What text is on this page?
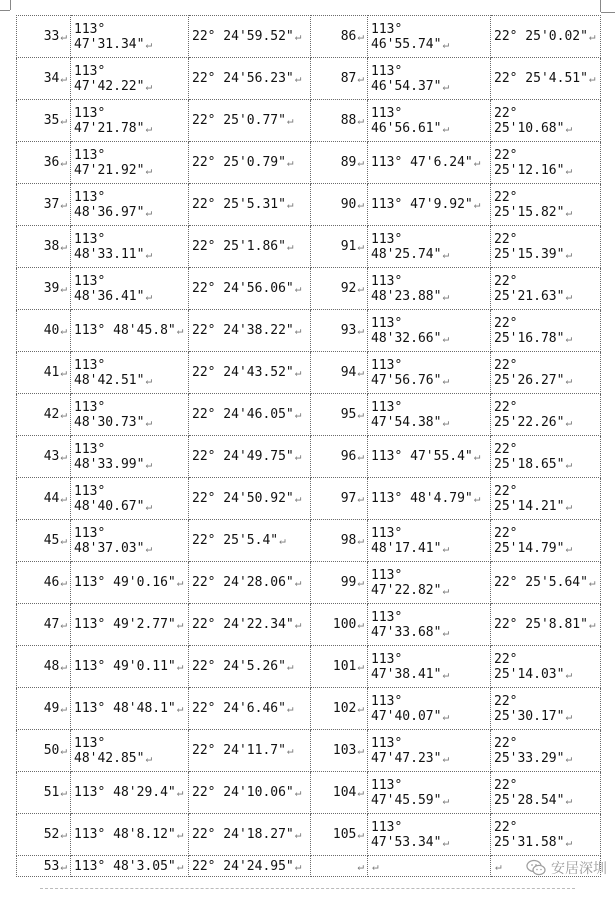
33↵	113° 47'31.34"↵	22° 24'59.52"↵	86↵	113° 46'55.74"↵	22° 25'0.02"↵
34↵	113° 47'42.22"↵	22° 24'56.23"↵	87↵	113° 46'54.37"↵	22° 25'4.51"↵
35↵	113° 47'21.78"↵	22° 25'0.77"↵	88↵	113° 46'56.61"↵	22° 25'10.68"↵
36↵	113° 47'21.92"↵	22° 25'0.79"↵	89↵	113° 47'6.24"↵	22° 25'12.16"↵
37↵	113° 48'36.97"↵	22° 25'5.31"↵	90↵	113° 47'9.92"↵	22° 25'15.82"↵
38↵	113° 48'33.11"↵	22° 25'1.86"↵	91↵	113° 48'25.74"↵	22° 25'15.39"↵
39↵	113° 48'36.41"↵	22° 24'56.06"↵	92↵	113° 48'23.88"↵	22° 25'21.63"↵
40↵	113° 48'45.8"↵	22° 24'38.22"↵	93↵	113° 48'32.66"↵	22° 25'16.78"↵
41↵	113° 48'42.51"↵	22° 24'43.52"↵	94↵	113° 47'56.76"↵	22° 25'26.27"↵
42↵	113° 48'30.73"↵	22° 24'46.05"↵	95↵	113° 47'54.38"↵	22° 25'22.26"↵
43↵	113° 48'33.99"↵	22° 24'49.75"↵	96↵	113° 47'55.4"↵	22° 25'18.65"↵
44↵	113° 48'40.67"↵	22° 24'50.92"↵	97↵	113° 48'4.79"↵	22° 25'14.21"↵
45↵	113° 48'37.03"↵	22° 25'5.4"↵	98↵	113° 48'17.41"↵	22° 25'14.79"↵
46↵	113° 49'0.16"↵	22° 24'28.06"↵	99↵	113° 47'22.82"↵	22° 25'5.64"↵
47↵	113° 49'2.77"↵	22° 24'22.34"↵	100↵	113° 47'33.68"↵	22° 25'8.81"↵
48↵	113° 49'0.11"↵	22° 24'5.26"↵	101↵	113° 47'38.41"↵	22° 25'14.03"↵
49↵	113° 48'48.1"↵	22° 24'6.46"↵	102↵	113° 47'40.07"↵	22° 25'30.17"↵
50↵	113° 48'42.85"↵	22° 24'11.7"↵	103↵	113° 47'47.23"↵	22° 25'33.29"↵
51↵	113° 48'29.4"↵	22° 24'10.06"↵	104↵	113° 47'45.59"↵	22° 25'28.54"↵
52↵	113° 48'8.12"↵	22° 24'18.27"↵	105↵	113° 47'53.34"↵	22° 25'31.58"↵
53↵	113° 48'3.05"↵	22° 24'24.95"↵	↵	↵	↵	安居深圳
